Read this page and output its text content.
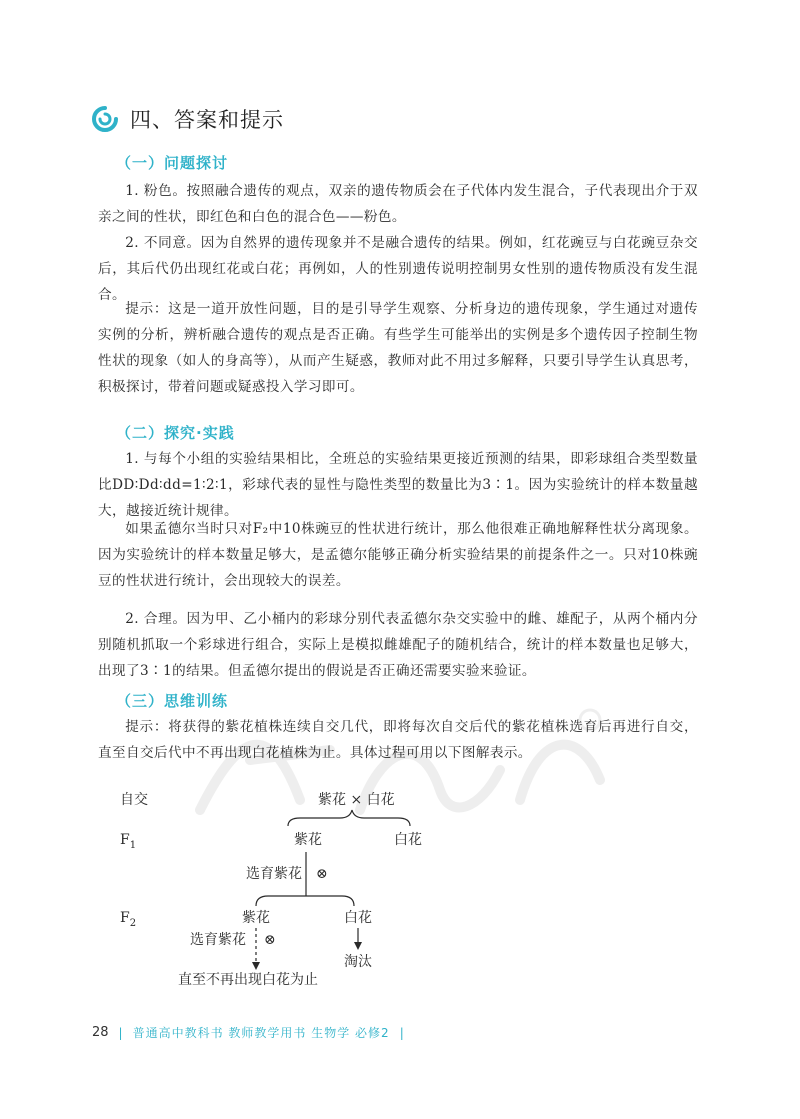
四、答案和提示
（一）问题探讨

1. 粉色。按照融合遗传的观点，双亲的遗传物质会在子代体内发生混合，子代表现出介于双亲之间的性状，即红色和白色的混合色——粉色。

2. 不同意。因为自然界的遗传现象并不是融合遗传的结果。例如，红花豌豆与白花豌豆杂交后，其后代仍出现红花或白花；再例如，人的性别遗传说明控制男女性别的遗传物质没有发生混合。

提示：这是一道开放性问题，目的是引导学生观察、分析身边的遗传现象，学生通过对遗传实例的分析，辨析融合遗传的观点是否正确。有些学生可能举出的实例是多个遗传因子控制生物性状的现象（如人的身高等），从而产生疑惑，教师对此不用过多解释，只要引导学生认真思考，积极探讨，带着问题或疑惑投入学习即可。

（二）探究·实践

1. 与每个小组的实验结果相比，全班总的实验结果更接近预测的结果，即彩球组合类型数量比DD∶Dd∶dd=1∶2∶1，彩球代表的显性与隐性类型的数量比为3∶1。因为实验统计的样本数量越大，越接近统计规律。

如果孟德尔当时只对F₂中10株豌豆的性状进行统计，那么他很难正确地解释性状分离现象。因为实验统计的样本数量足够大，是孟德尔能够正确分析实验结果的前提条件之一。只对10株豌豆的性状进行统计，会出现较大的误差。

2. 合理。因为甲、乙小桶内的彩球分别代表孟德尔杂交实验中的雌、雄配子，从两个桶内分别随机抓取一个彩球进行组合，实际上是模拟雌雄配子的随机结合，统计的样本数量也足够大，出现了3∶1的结果。但孟德尔提出的假说是否正确还需要实验来验证。

（三）思维训练

提示：将获得的紫花植株连续自交几代，即将每次自交后代的紫花植株选育后再进行自交，直至自交后代中不再出现白花植株为止。具体过程可用以下图解表示。

自交	紫花 × 白花
$F_1$	紫花	白花
选育紫花 ⊗
$F_2$	紫花	白花
选育紫花 ⊗
淘汰
直至不再出现白花为止
28 | 普通高中教科书 教师教学用书 生物学 必修2 |
